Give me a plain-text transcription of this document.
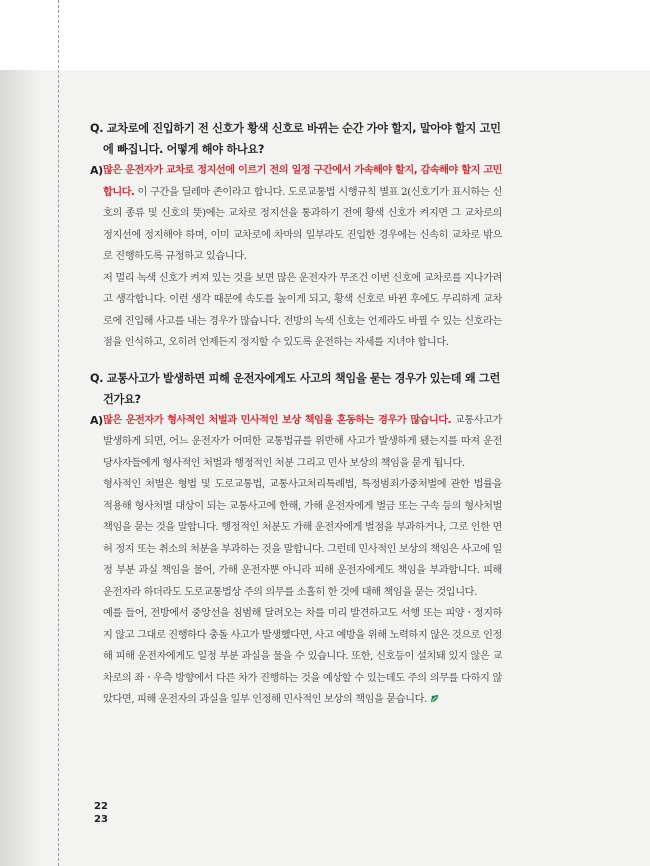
Q. 교차로에 진입하기 전 신호가 황색 신호로 바뀌는 순간 가야 할지, 말아야 할지 고민에 빠집니다. 어떻게 해야 하나요?
A) 많은 운전자가 교차로 정지선에 이르기 전의 일정 구간에서 가속해야 할지, 감속해야 할지 고민합니다. 이 구간을 딜레마 존이라고 합니다. 도로교통법 시행규칙 별표 2(신호기가 표시하는 신호의 종류 및 신호의 뜻)에는 교차로 정지선을 통과하기 전에 황색 신호가 켜지면 그 교차로의 정지선에 정지해야 하며, 이미 교차로에 차마의 일부라도 진입한 경우에는 신속히 교차로 밖으로 진행하도록 규정하고 있습니다.

저 멀리 녹색 신호가 켜져 있는 것을 보면 많은 운전자가 무조건 이번 신호에 교차로를 지나가려고 생각합니다. 이런 생각 때문에 속도를 높이게 되고, 황색 신호로 바뀐 후에도 무리하게 교차로에 진입해 사고를 내는 경우가 많습니다. 전방의 녹색 신호는 언제라도 바뀔 수 있는 신호라는 점을 인식하고, 오히려 언제든지 정지할 수 있도록 운전하는 자세를 지녀야 합니다.

Q. 교통사고가 발생하면 피해 운전자에게도 사고의 책임을 묻는 경우가 있는데 왜 그런 건가요?
A) 많은 운전자가 형사적인 처벌과 민사적인 보상 책임을 혼동하는 경우가 많습니다. 교통사고가 발생하게 되면, 어느 운전자가 어떠한 교통법규를 위반해 사고가 발생하게 됐는지를 따져 운전 당사자들에게 형사적인 처벌과 행정적인 처분 그리고 민사 보상의 책임을 묻게 됩니다.

형사적인 처벌은 형법 및 도로교통법, 교통사고처리특례법, 특정범죄가중처벌에 관한 법률을 적용해 형사처벌 대상이 되는 교통사고에 한해, 가해 운전자에게 벌금 또는 구속 등의 형사처벌 책임을 묻는 것을 말합니다. 행정적인 처분도 가해 운전자에게 벌점을 부과하거나, 그로 인한 면허 정지 또는 취소의 처분을 부과하는 것을 말합니다. 그런데 민사적인 보상의 책임은 사고에 일정 부분 과실 책임을 물어, 가해 운전자뿐 아니라 피해 운전자에게도 책임을 부과합니다. 피해 운전자라 하더라도 도로교통법상 주의 의무를 소홀히 한 것에 대해 책임을 묻는 것입니다.

예를 들어, 전방에서 중앙선을 침범해 달려오는 차를 미리 발견하고도 서행 또는 피양ㆍ정지하지 않고 그대로 진행하다 충돌 사고가 발생했다면, 사고 예방을 위해 노력하지 않은 것으로 인정해 피해 운전자에게도 일정 부분 과실을 물을 수 있습니다. 또한, 신호등이 설치돼 있지 않은 교차로의 좌ㆍ우측 방향에서 다른 차가 진행하는 것을 예상할 수 있는데도 주의 의무를 다하지 않았다면, 피해 운전자의 과실을 일부 인정해 민사적인 보상의 책임을 묻습니다.

22
23
